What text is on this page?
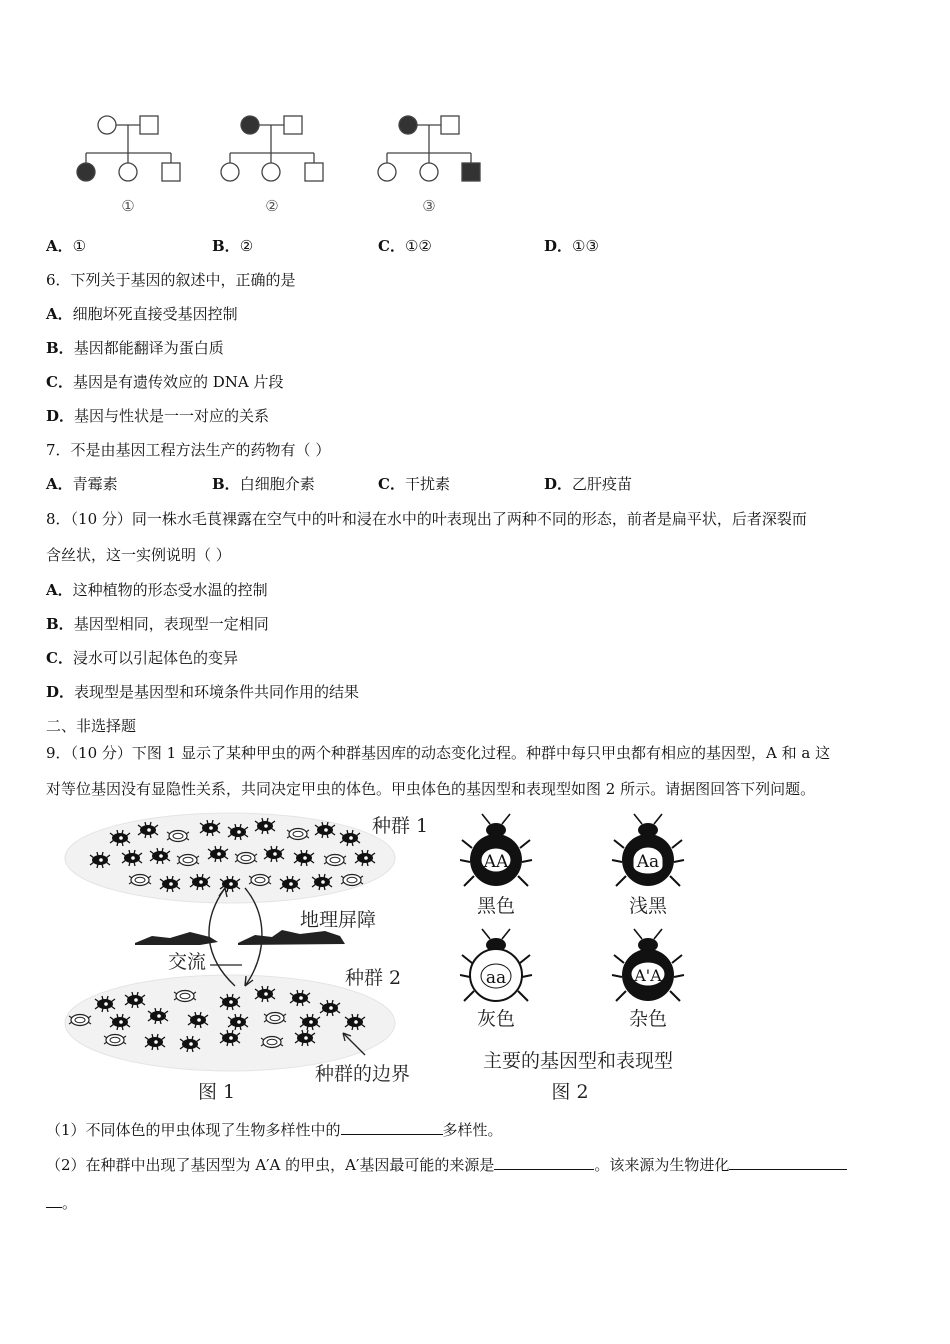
①	②	③
A．①	B．②	C．①②	D．①③
6．下列关于基因的叙述中，正确的是
A．细胞坏死直接受基因控制
B．基因都能翻译为蛋白质
C．基因是有遗传效应的 DNA 片段
D．基因与性状是一一对应的关系
7．不是由基因工程方法生产的药物有（ ）
A．青霉素	B．白细胞介素	C．干扰素	D．乙肝疫苗
8．（10 分）同一株水毛茛裸露在空气中的叶和浸在水中的叶表现出了两种不同的形态，前者是扁平状，后者深裂而
含丝状，这一实例说明（ ）
A．这种植物的形态受水温的控制
B．基因型相同，表现型一定相同
C．浸水可以引起体色的变异
D．表现型是基因型和环境条件共同作用的结果
二、非选择题
9．（10 分）下图 1 显示了某种甲虫的两个种群基因库的动态变化过程。种群中每只甲虫都有相应的基因型，A 和 a 这
对等位基因没有显隐性关系，共同决定甲虫的体色。甲虫体色的基因型和表现型如图 2 所示。请据图回答下列问题。
种群 1
地理屏障
交流
种群 2
种群的边界
图 1
AA
黑色
Aa
浅黑
aa
灰色
A'A
杂色
主要的基因型和表现型
图 2
（1）不同体色的甲虫体现了生物多样性中的	多样性。
（2）在种群中出现了基因型为 A′A 的甲虫，A′基因最可能的来源是	。该来源为生物进化
。
